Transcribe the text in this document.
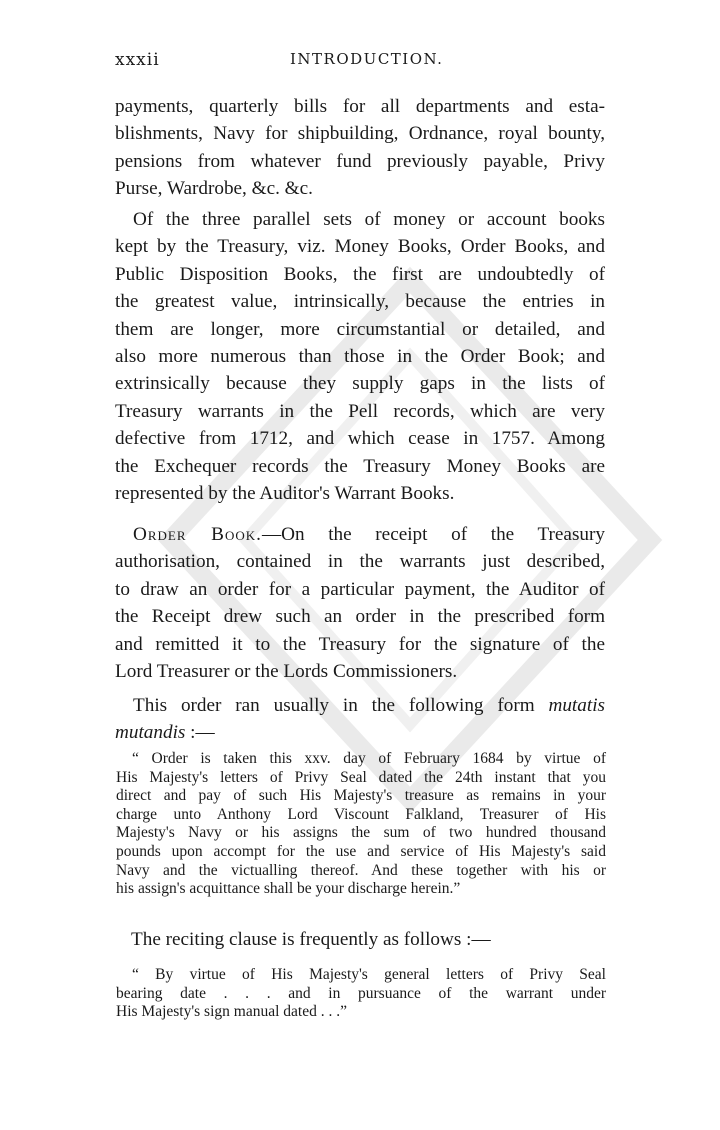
xxxii	INTRODUCTION.
payments, quarterly bills for all departments and esta-
blishments, Navy for shipbuilding, Ordnance, royal bounty,
pensions from whatever fund previously payable, Privy
Purse, Wardrobe, &c. &c.
Of the three parallel sets of money or account books
kept by the Treasury, viz. Money Books, Order Books, and
Public Disposition Books, the first are undoubtedly of
the greatest value, intrinsically, because the entries in
them are longer, more circumstantial or detailed, and
also more numerous than those in the Order Book; and
extrinsically because they supply gaps in the lists of
Treasury warrants in the Pell records, which are very
defective from 1712, and which cease in 1757. Among
the Exchequer records the Treasury Money Books are
represented by the Auditor's Warrant Books.
Order Book.—On the receipt of the Treasury
authorisation, contained in the warrants just described,
to draw an order for a particular payment, the Auditor of
the Receipt drew such an order in the prescribed form
and remitted it to the Treasury for the signature of the
Lord Treasurer or the Lords Commissioners.
This order ran usually in the following form mutatis
mutandis :—
“ Order is taken this xxv. day of February 1684 by virtue of
His Majesty's letters of Privy Seal dated the 24th instant that you
direct and pay of such His Majesty's treasure as remains in your
charge unto Anthony Lord Viscount Falkland, Treasurer of His
Majesty's Navy or his assigns the sum of two hundred thousand
pounds upon accompt for the use and service of His Majesty's said
Navy and the victualling thereof. And these together with his or
his assign's acquittance shall be your discharge herein.”
The reciting clause is frequently as follows :—
“ By virtue of His Majesty's general letters of Privy Seal
bearing date . . . and in pursuance of the warrant under
His Majesty's sign manual dated . . .”
